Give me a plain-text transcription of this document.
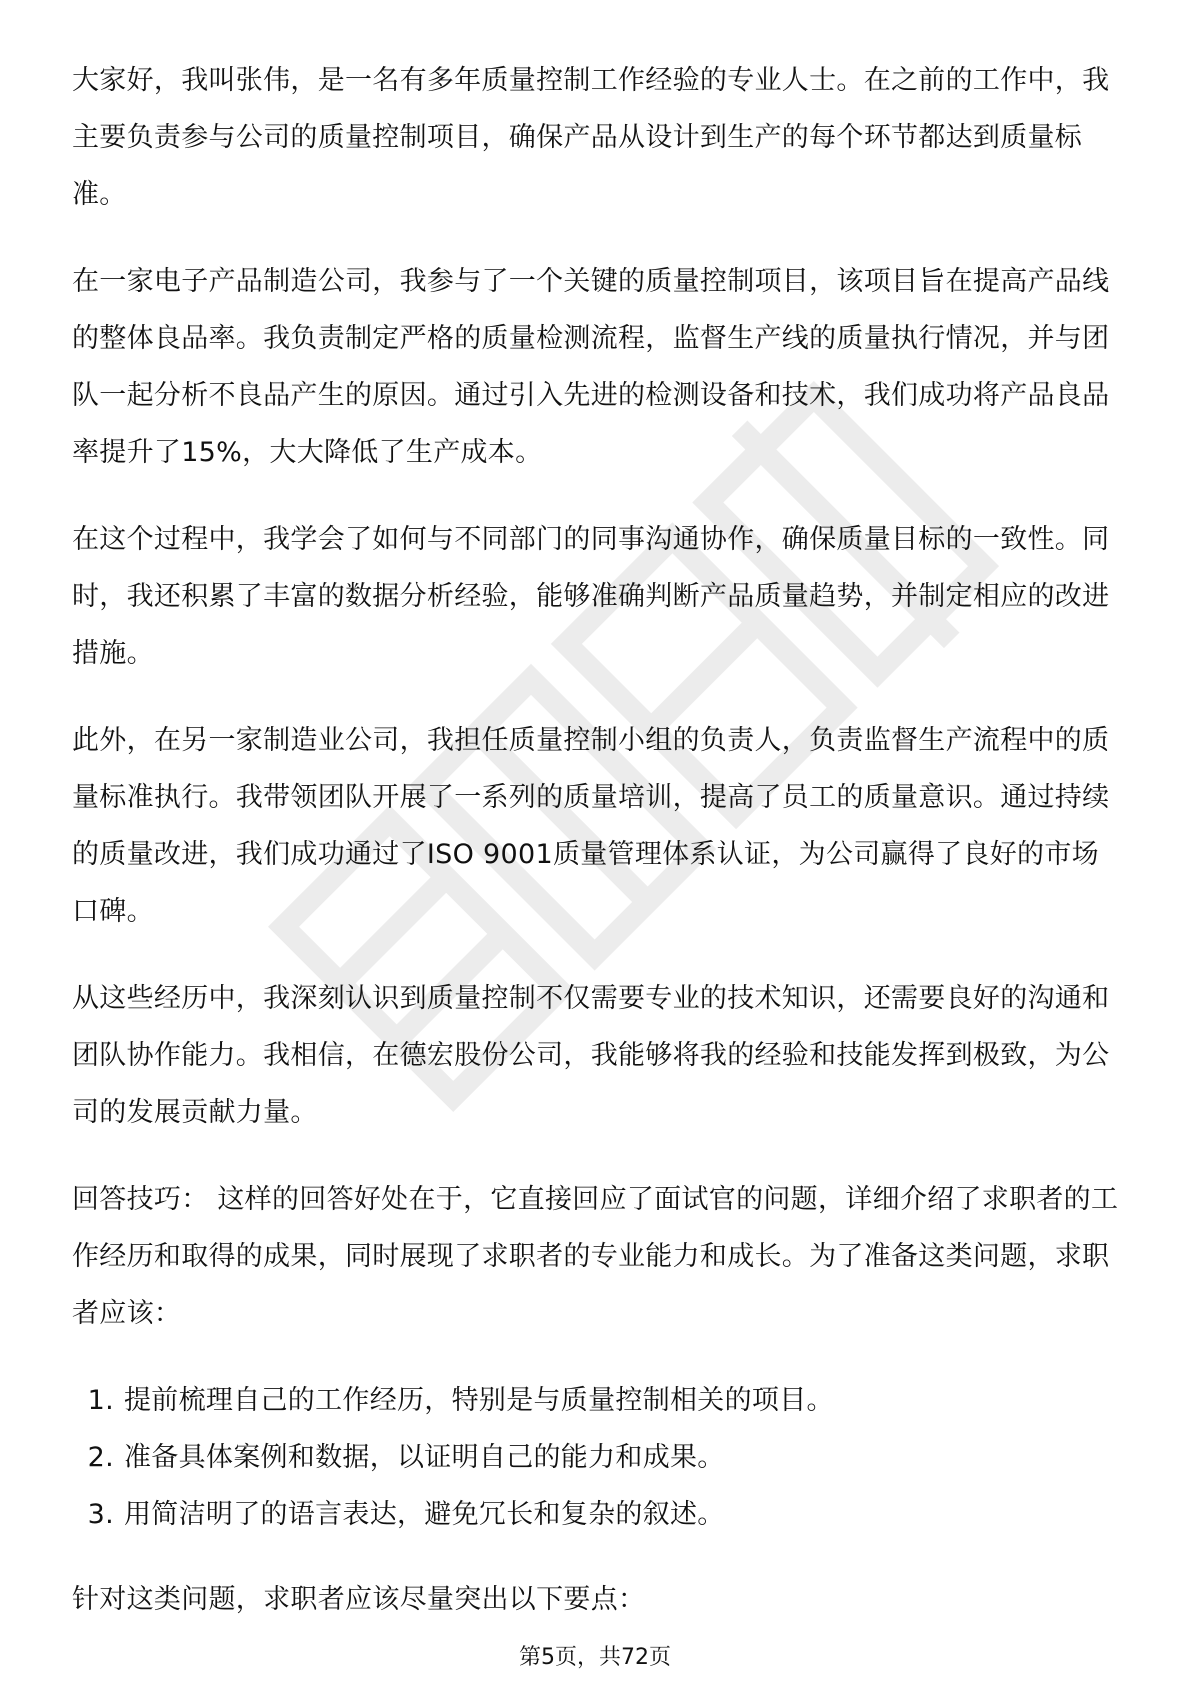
大家好，我叫张伟，是一名有多年质量控制工作经验的专业人士。在之前的工作中，我主要负责参与公司的质量控制项目，确保产品从设计到生产的每个环节都达到质量标准。

在一家电子产品制造公司，我参与了一个关键的质量控制项目，该项目旨在提高产品线的整体良品率。我负责制定严格的质量检测流程，监督生产线的质量执行情况，并与团队一起分析不良品产生的原因。通过引入先进的检测设备和技术，我们成功将产品良品率提升了15%，大大降低了生产成本。

在这个过程中，我学会了如何与不同部门的同事沟通协作，确保质量目标的一致性。同时，我还积累了丰富的数据分析经验，能够准确判断产品质量趋势，并制定相应的改进措施。

此外，在另一家制造业公司，我担任质量控制小组的负责人，负责监督生产流程中的质量标准执行。我带领团队开展了一系列的质量培训，提高了员工的质量意识。通过持续的质量改进，我们成功通过了ISO 9001质量管理体系认证，为公司赢得了良好的市场口碑。

从这些经历中，我深刻认识到质量控制不仅需要专业的技术知识，还需要良好的沟通和团队协作能力。我相信，在德宏股份公司，我能够将我的经验和技能发挥到极致，为公司的发展贡献力量。

回答技巧： 这样的回答好处在于，它直接回应了面试官的问题，详细介绍了求职者的工作经历和取得的成果，同时展现了求职者的专业能力和成长。为了准备这类问题，求职者应该：

1. 提前梳理自己的工作经历，特别是与质量控制相关的项目。
2. 准备具体案例和数据，以证明自己的能力和成果。
3. 用简洁明了的语言表达，避免冗长和复杂的叙述。

针对这类问题，求职者应该尽量突出以下要点：

第5页，共72页
